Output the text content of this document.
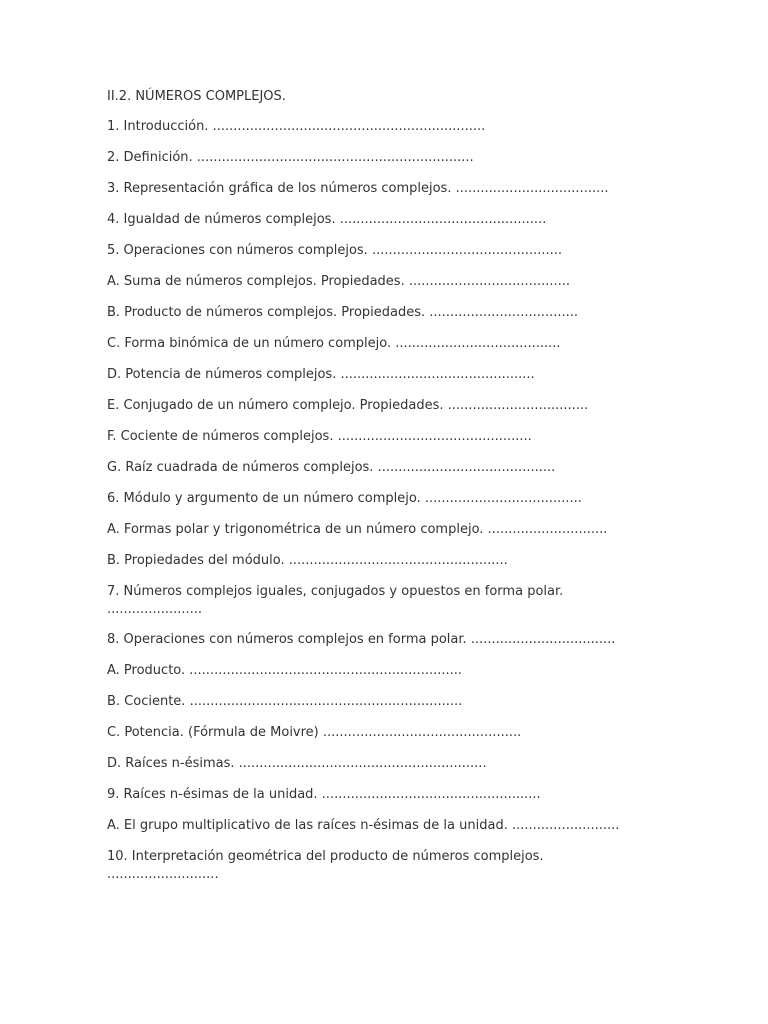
II.2. NÚMEROS COMPLEJOS.
1. Introducción. ..................................................................
2. Definición. ...................................................................
3. Representación gráfica de los números complejos. .....................................
4. Igualdad de números complejos. ..................................................
5. Operaciones con números complejos. ..............................................
A. Suma de números complejos. Propiedades. .......................................
B. Producto de números complejos. Propiedades. ....................................
C. Forma binómica de un número complejo. ........................................
D. Potencia de números complejos. ...............................................
E. Conjugado de un número complejo. Propiedades. ..................................
F. Cociente de números complejos. ...............................................
G. Raíz cuadrada de números complejos. ...........................................
6. Módulo y argumento de un número complejo. ......................................
A. Formas polar y trigonométrica de un número complejo. .............................
B. Propiedades del módulo. .....................................................
7. Números complejos iguales, conjugados y opuestos en forma polar. .......................
8. Operaciones con números complejos en forma polar. ...................................
A. Producto. ..................................................................
B. Cociente. ..................................................................
C. Potencia. (Fórmula de Moivre) ................................................
D. Raíces n-ésimas. ............................................................
9. Raíces n-ésimas de la unidad. .....................................................
A. El grupo multiplicativo de las raíces n-ésimas de la unidad. ..........................
10. Interpretación geométrica del producto de números complejos. ...........................
